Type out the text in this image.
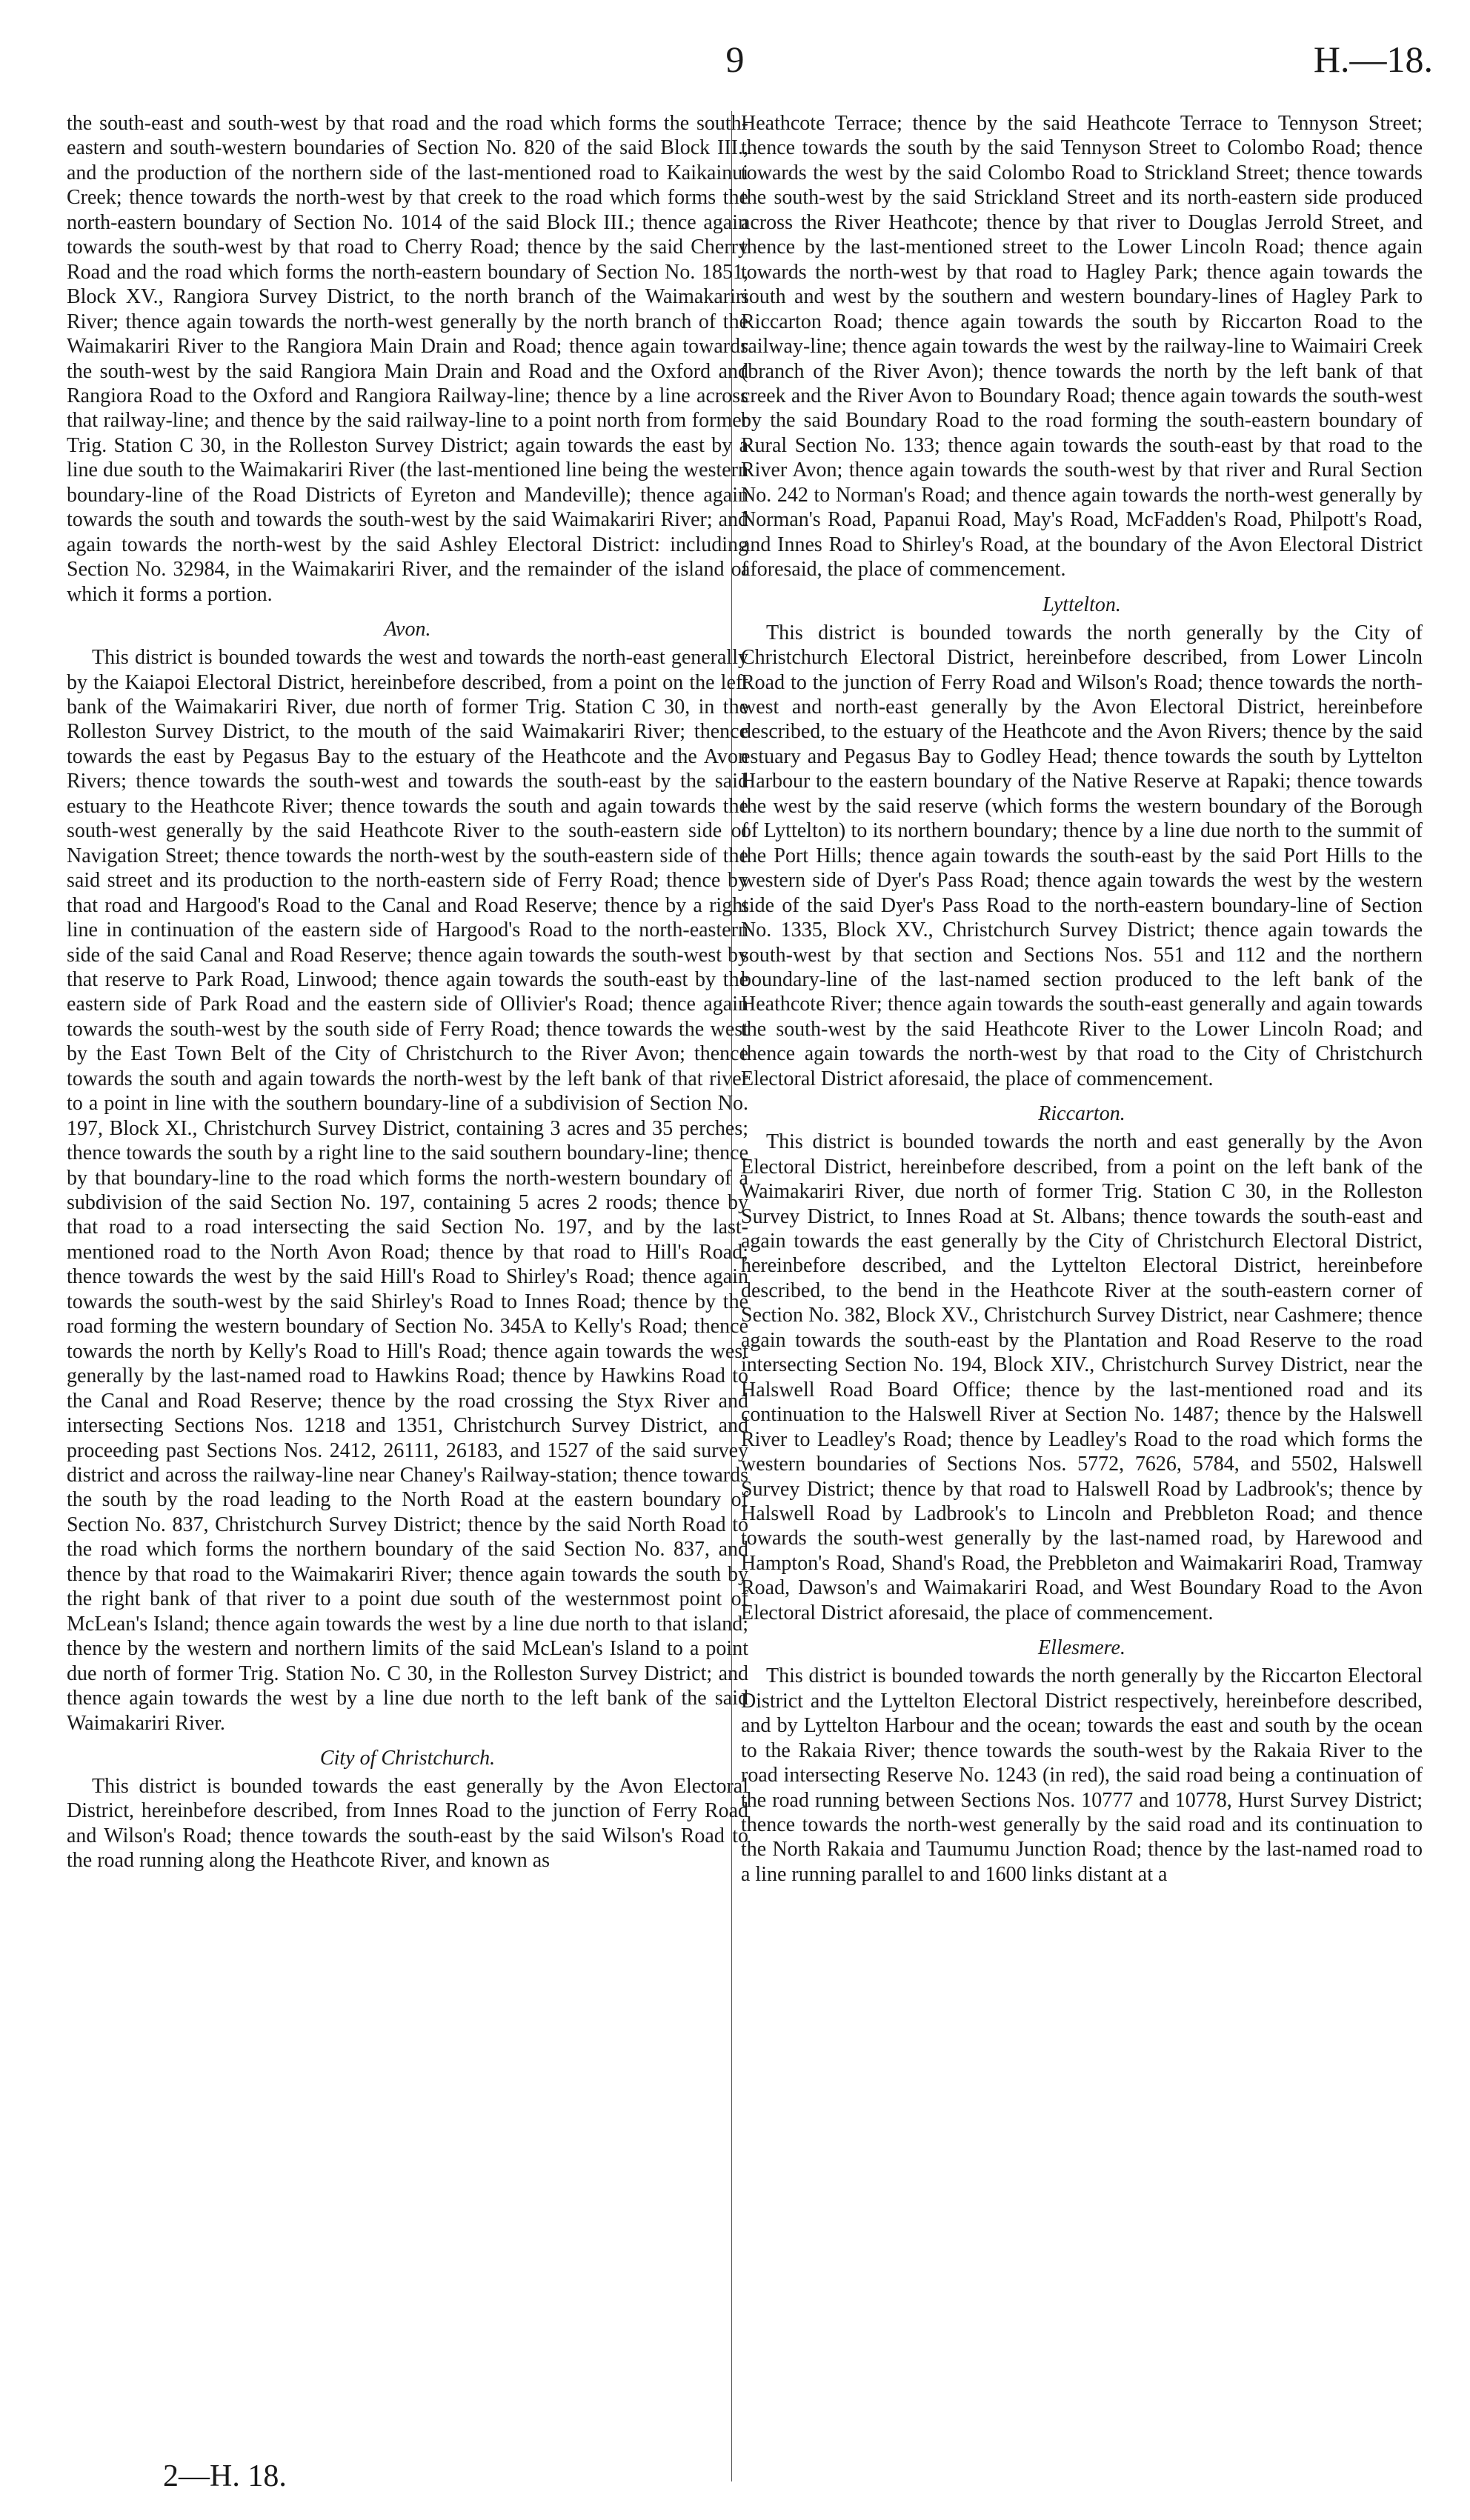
9	H.—18.

the south-east and south-west by that road and the road which forms the south-eastern and south-western boundaries of Section No. 820 of the said Block III., and the production of the northern side of the last-mentioned road to Kaikainui Creek; thence towards the north-west by that creek to the road which forms the north-eastern boundary of Section No. 1014 of the said Block III.; thence again towards the south-west by that road to Cherry Road; thence by the said Cherry Road and the road which forms the north-eastern boundary of Section No. 1851, Block XV., Rangiora Survey District, to the north branch of the Waimakariri River; thence again towards the north-west generally by the north branch of the Waimakariri River to the Rangiora Main Drain and Road; thence again towards the south-west by the said Rangiora Main Drain and Road and the Oxford and Rangiora Road to the Oxford and Rangiora Railway-line; thence by a line across that railway-line; and thence by the said railway-line to a point north from former Trig. Station C 30, in the Rolleston Survey District; again towards the east by a line due south to the Waimakariri River (the last-mentioned line being the western boundary-line of the Road Districts of Eyreton and Mandeville); thence again towards the south and towards the south-west by the said Waimakariri River; and again towards the north-west by the said Ashley Electoral District: including Section No. 32984, in the Waimakariri River, and the remainder of the island of which it forms a portion.

Avon.

This district is bounded towards the west and towards the north-east generally by the Kaiapoi Electoral District, hereinbefore described, from a point on the left bank of the Waimakariri River, due north of former Trig. Station C 30, in the Rolleston Survey District, to the mouth of the said Waimakariri River; thence towards the east by Pegasus Bay to the estuary of the Heathcote and the Avon Rivers; thence towards the south-west and towards the south-east by the said estuary to the Heathcote River; thence towards the south and again towards the south-west generally by the said Heathcote River to the south-eastern side of Navigation Street; thence towards the north-west by the south-eastern side of the said street and its production to the north-eastern side of Ferry Road; thence by that road and Hargood's Road to the Canal and Road Reserve; thence by a right line in continuation of the eastern side of Hargood's Road to the north-eastern side of the said Canal and Road Reserve; thence again towards the south-west by that reserve to Park Road, Linwood; thence again towards the south-east by the eastern side of Park Road and the eastern side of Ollivier's Road; thence again towards the south-west by the south side of Ferry Road; thence towards the west by the East Town Belt of the City of Christchurch to the River Avon; thence towards the south and again towards the north-west by the left bank of that river to a point in line with the southern boundary-line of a subdivision of Section No. 197, Block XI., Christchurch Survey District, containing 3 acres and 35 perches; thence towards the south by a right line to the said southern boundary-line; thence by that boundary-line to the road which forms the north-western boundary of a subdivision of the said Section No. 197, containing 5 acres 2 roods; thence by that road to a road intersecting the said Section No. 197, and by the last-mentioned road to the North Avon Road; thence by that road to Hill's Road; thence towards the west by the said Hill's Road to Shirley's Road; thence again towards the south-west by the said Shirley's Road to Innes Road; thence by the road forming the western boundary of Section No. 345A to Kelly's Road; thence towards the north by Kelly's Road to Hill's Road; thence again towards the west generally by the last-named road to Hawkins Road; thence by Hawkins Road to the Canal and Road Reserve; thence by the road crossing the Styx River and intersecting Sections Nos. 1218 and 1351, Christchurch Survey District, and proceeding past Sections Nos. 2412, 26111, 26183, and 1527 of the said survey district and across the railway-line near Chaney's Railway-station; thence towards the south by the road leading to the North Road at the eastern boundary of Section No. 837, Christchurch Survey District; thence by the said North Road to the road which forms the northern boundary of the said Section No. 837, and thence by that road to the Waimakariri River; thence again towards the south by the right bank of that river to a point due south of the westernmost point of McLean's Island; thence again towards the west by a line due north to that island; thence by the western and northern limits of the said McLean's Island to a point due north of former Trig. Station No. C 30, in the Rolleston Survey District; and thence again towards the west by a line due north to the left bank of the said Waimakariri River.

City of Christchurch.

This district is bounded towards the east generally by the Avon Electoral District, hereinbefore described, from Innes Road to the junction of Ferry Road and Wilson's Road; thence towards the south-east by the said Wilson's Road to the road running along the Heathcote River, and known as

Heathcote Terrace; thence by the said Heathcote Terrace to Tennyson Street; thence towards the south by the said Tennyson Street to Colombo Road; thence towards the west by the said Colombo Road to Strickland Street; thence towards the south-west by the said Strickland Street and its north-eastern side produced across the River Heathcote; thence by that river to Douglas Jerrold Street, and thence by the last-mentioned street to the Lower Lincoln Road; thence again towards the north-west by that road to Hagley Park; thence again towards the south and west by the southern and western boundary-lines of Hagley Park to Riccarton Road; thence again towards the south by Riccarton Road to the railway-line; thence again towards the west by the railway-line to Waimairi Creek (branch of the River Avon); thence towards the north by the left bank of that creek and the River Avon to Boundary Road; thence again towards the south-west by the said Boundary Road to the road forming the south-eastern boundary of Rural Section No. 133; thence again towards the south-east by that road to the River Avon; thence again towards the south-west by that river and Rural Section No. 242 to Norman's Road; and thence again towards the north-west generally by Norman's Road, Papanui Road, May's Road, McFadden's Road, Philpott's Road, and Innes Road to Shirley's Road, at the boundary of the Avon Electoral District aforesaid, the place of commencement.

Lyttelton.

This district is bounded towards the north generally by the City of Christchurch Electoral District, hereinbefore described, from Lower Lincoln Road to the junction of Ferry Road and Wilson's Road; thence towards the north-west and north-east generally by the Avon Electoral District, hereinbefore described, to the estuary of the Heathcote and the Avon Rivers; thence by the said estuary and Pegasus Bay to Godley Head; thence towards the south by Lyttelton Harbour to the eastern boundary of the Native Reserve at Rapaki; thence towards the west by the said reserve (which forms the western boundary of the Borough of Lyttelton) to its northern boundary; thence by a line due north to the summit of the Port Hills; thence again towards the south-east by the said Port Hills to the western side of Dyer's Pass Road; thence again towards the west by the western side of the said Dyer's Pass Road to the north-eastern boundary-line of Section No. 1335, Block XV., Christchurch Survey District; thence again towards the south-west by that section and Sections Nos. 551 and 112 and the northern boundary-line of the last-named section produced to the left bank of the Heathcote River; thence again towards the south-east generally and again towards the south-west by the said Heathcote River to the Lower Lincoln Road; and thence again towards the north-west by that road to the City of Christchurch Electoral District aforesaid, the place of commencement.

Riccarton.

This district is bounded towards the north and east generally by the Avon Electoral District, hereinbefore described, from a point on the left bank of the Waimakariri River, due north of former Trig. Station C 30, in the Rolleston Survey District, to Innes Road at St. Albans; thence towards the south-east and again towards the east generally by the City of Christchurch Electoral District, hereinbefore described, and the Lyttelton Electoral District, hereinbefore described, to the bend in the Heathcote River at the south-eastern corner of Section No. 382, Block XV., Christchurch Survey District, near Cashmere; thence again towards the south-east by the Plantation and Road Reserve to the road intersecting Section No. 194, Block XIV., Christchurch Survey District, near the Halswell Road Board Office; thence by the last-mentioned road and its continuation to the Halswell River at Section No. 1487; thence by the Halswell River to Leadley's Road; thence by Leadley's Road to the road which forms the western boundaries of Sections Nos. 5772, 7626, 5784, and 5502, Halswell Survey District; thence by that road to Halswell Road by Ladbrook's; thence by Halswell Road by Ladbrook's to Lincoln and Prebbleton Road; and thence towards the south-west generally by the last-named road, by Harewood and Hampton's Road, Shand's Road, the Prebbleton and Waimakariri Road, Tramway Road, Dawson's and Waimakariri Road, and West Boundary Road to the Avon Electoral District aforesaid, the place of commencement.

Ellesmere.

This district is bounded towards the north generally by the Riccarton Electoral District and the Lyttelton Electoral District respectively, hereinbefore described, and by Lyttelton Harbour and the ocean; towards the east and south by the ocean to the Rakaia River; thence towards the south-west by the Rakaia River to the road intersecting Reserve No. 1243 (in red), the said road being a continuation of the road running between Sections Nos. 10777 and 10778, Hurst Survey District; thence towards the north-west generally by the said road and its continuation to the North Rakaia and Taumumu Junction Road; thence by the last-named road to a line running parallel to and 1600 links distant at a

2—H. 18.
